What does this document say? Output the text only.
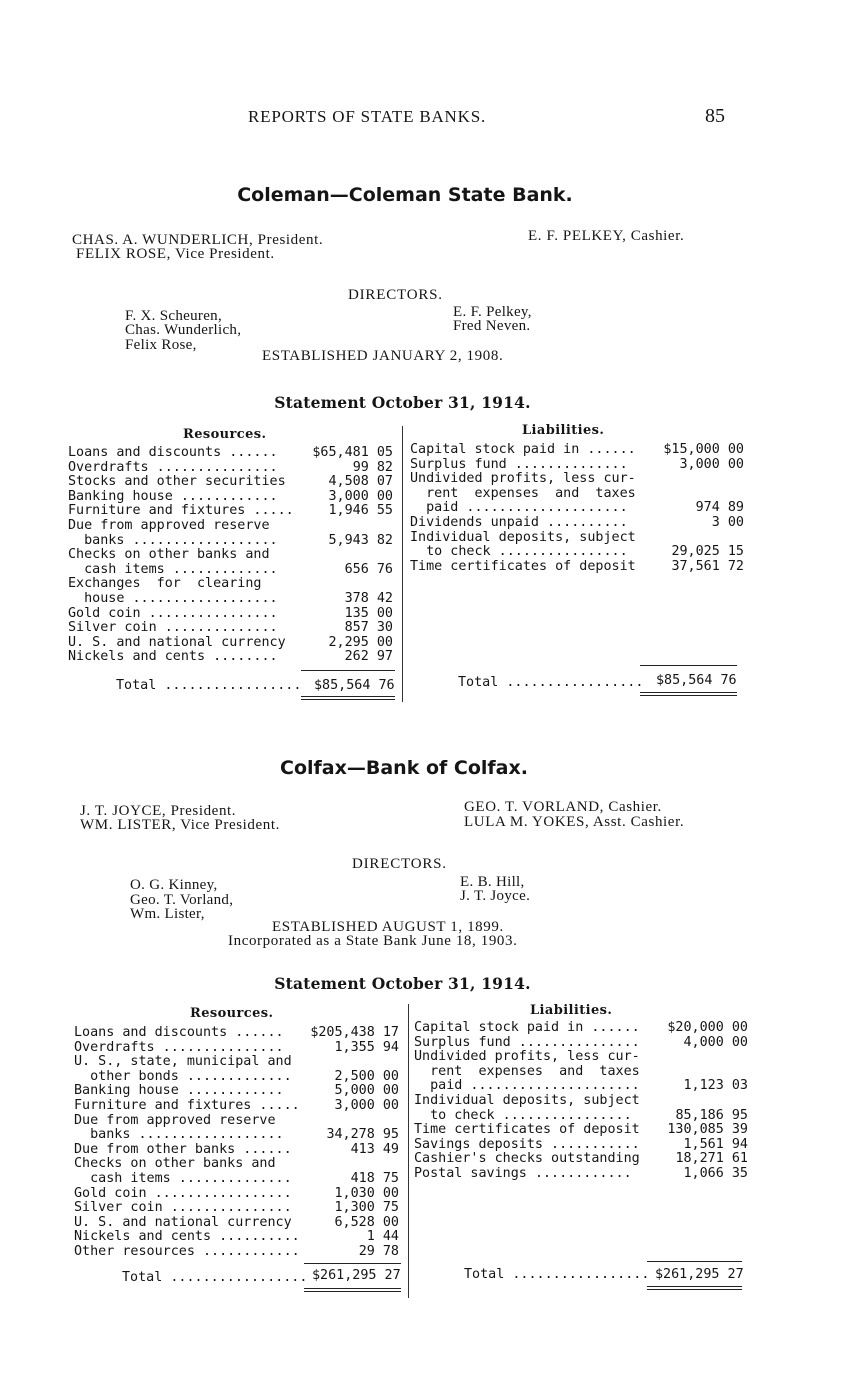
REPORTS OF STATE BANKS.	85
Coleman—Coleman State Bank.
CHAS. A. WUNDERLICH, President.
FELIX ROSE, Vice President.
E. F. PELKEY, Cashier.
DIRECTORS.
F. X. Scheuren,
Chas. Wunderlich,
Felix Rose,
E. F. Pelkey,
Fred Neven.
ESTABLISHED JANUARY 2, 1908.
Statement October 31, 1914.
Resources.	Liabilities.
Loans and discounts ......	$65,481 05
Overdrafts ...............	99 82
Stocks and other securities	4,508 07
Banking house ............	3,000 00
Furniture and fixtures .....	1,946 55
Due from approved reserve
banks ..................	5,943 82
Checks on other banks and
cash items .............	656 76
Exchanges  for  clearing
house ..................	378 42
Gold coin ................	135 00
Silver coin ..............	857 30
U. S. and national currency	2,295 00
Nickels and cents ........	262 97
Capital stock paid in ...... $15,000 00
Surplus fund ..............	3,000 00
Undivided profits, less cur-
rent  expenses  and  taxes
paid ....................	974 89
Dividends unpaid ..........	3 00
Individual deposits, subject
to check ................	29,025 15
Time certificates of deposit	37,561 72
Total ................. $85,564 76	Total ................. $85,564 76
Colfax—Bank of Colfax.
J. T. JOYCE, President.
WM. LISTER, Vice President.
GEO. T. VORLAND, Cashier.
LULA M. YOKES, Asst. Cashier.
DIRECTORS.
O. G. Kinney,
Geo. T. Vorland,
Wm. Lister,
E. B. Hill,
J. T. Joyce.
ESTABLISHED AUGUST 1, 1899.
Incorporated as a State Bank June 18, 1903.
Statement October 31, 1914.
Resources.	Liabilities.
Loans and discounts ...... $205,438 17
Overdrafts ...............	1,355 94
U. S., state, municipal and
other bonds .............	2,500 00
Banking house ............	5,000 00
Furniture and fixtures .....	3,000 00
Due from approved reserve
banks ..................	34,278 95
Due from other banks ......	413 49
Checks on other banks and
cash items ..............	418 75
Gold coin .................	1,030 00
Silver coin ...............	1,300 75
U. S. and national currency	6,528 00
Nickels and cents ..........	1 44
Other resources ............	29 78
Capital stock paid in ...... $20,000 00
Surplus fund ...............	4,000 00
Undivided profits, less cur-
rent  expenses  and  taxes
paid .....................	1,123 03
Individual deposits, subject
to check ................	85,186 95
Time certificates of deposit 130,085 39
Savings deposits ...........	1,561 94
Cashier's checks outstanding	18,271 61
Postal savings ............	1,066 35
Total ................. $261,295 27	Total ................. $261,295 27
